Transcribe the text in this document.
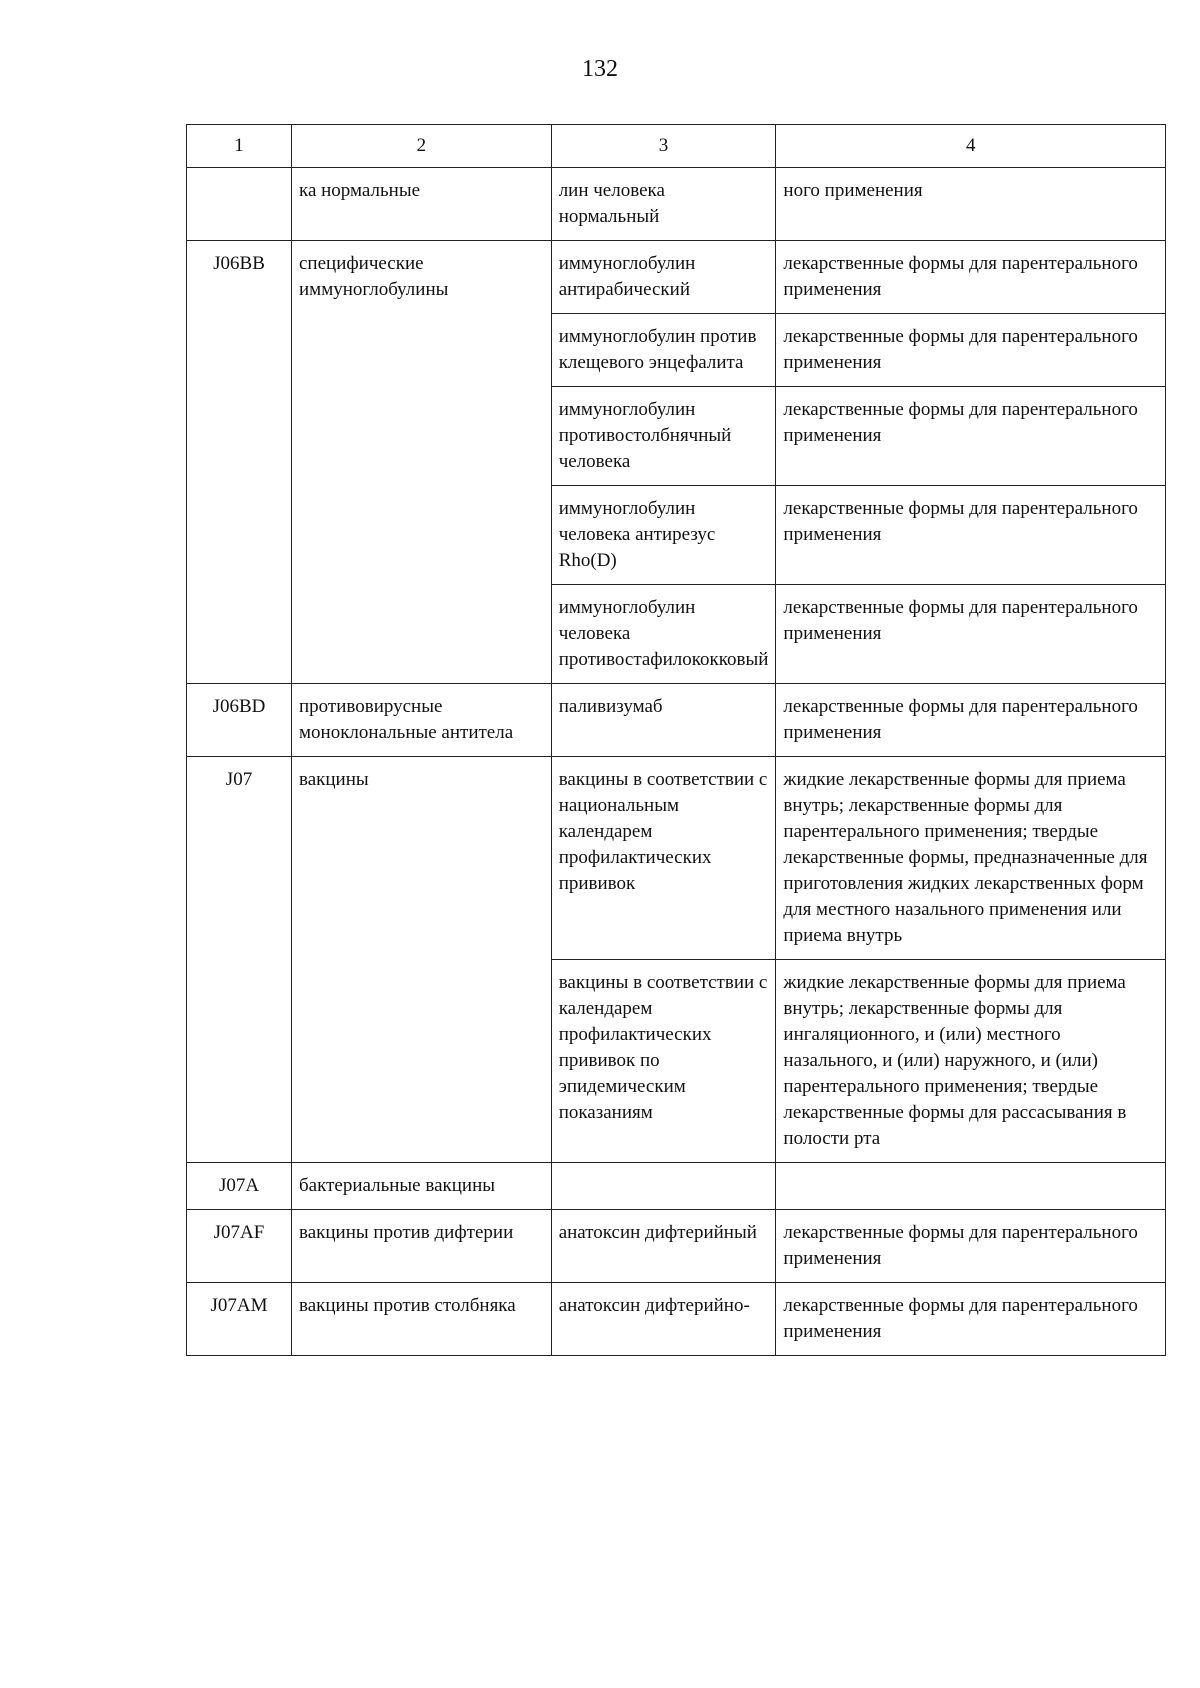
132
1	2	3	4
	ка нормальные	лин человека нормальный	ного применения
J06BB	специфические иммуноглобулины	иммуноглобулин антирабический	лекарственные формы для парентерального применения
		иммуноглобулин против клещевого энцефалита	лекарственные формы для парентерального применения
		иммуноглобулин противостолбнячный человека	лекарственные формы для парентерального применения
		иммуноглобулин человека антирезус Rho(D)	лекарственные формы для парентерального применения
		иммуноглобулин человека противостафилококковый	лекарственные формы для парентерального применения
J06BD	противовирусные моноклональные антитела	паливизумаб	лекарственные формы для парентерального применения
J07	вакцины	вакцины в соответствии с национальным календарем профилактических прививок	жидкие лекарственные формы для приема внутрь; лекарственные формы для парентерального применения; твердые лекарственные формы, предназначенные для приготовления жидких лекарственных форм для местного назального применения или приема внутрь
		вакцины в соответствии с календарем профилактических прививок по эпидемическим показаниям	жидкие лекарственные формы для приема внутрь; лекарственные формы для ингаляционного, и (или) местного назального, и (или) наружного, и (или) парентерального применения; твердые лекарственные формы для рассасывания в полости рта
J07A	бактериальные вакцины		
J07AF	вакцины против дифтерии	анатоксин дифтерийный	лекарственные формы для парентерального применения
J07AM	вакцины против столбняка	анатоксин дифтерийно-	лекарственные формы для парентерального применения
